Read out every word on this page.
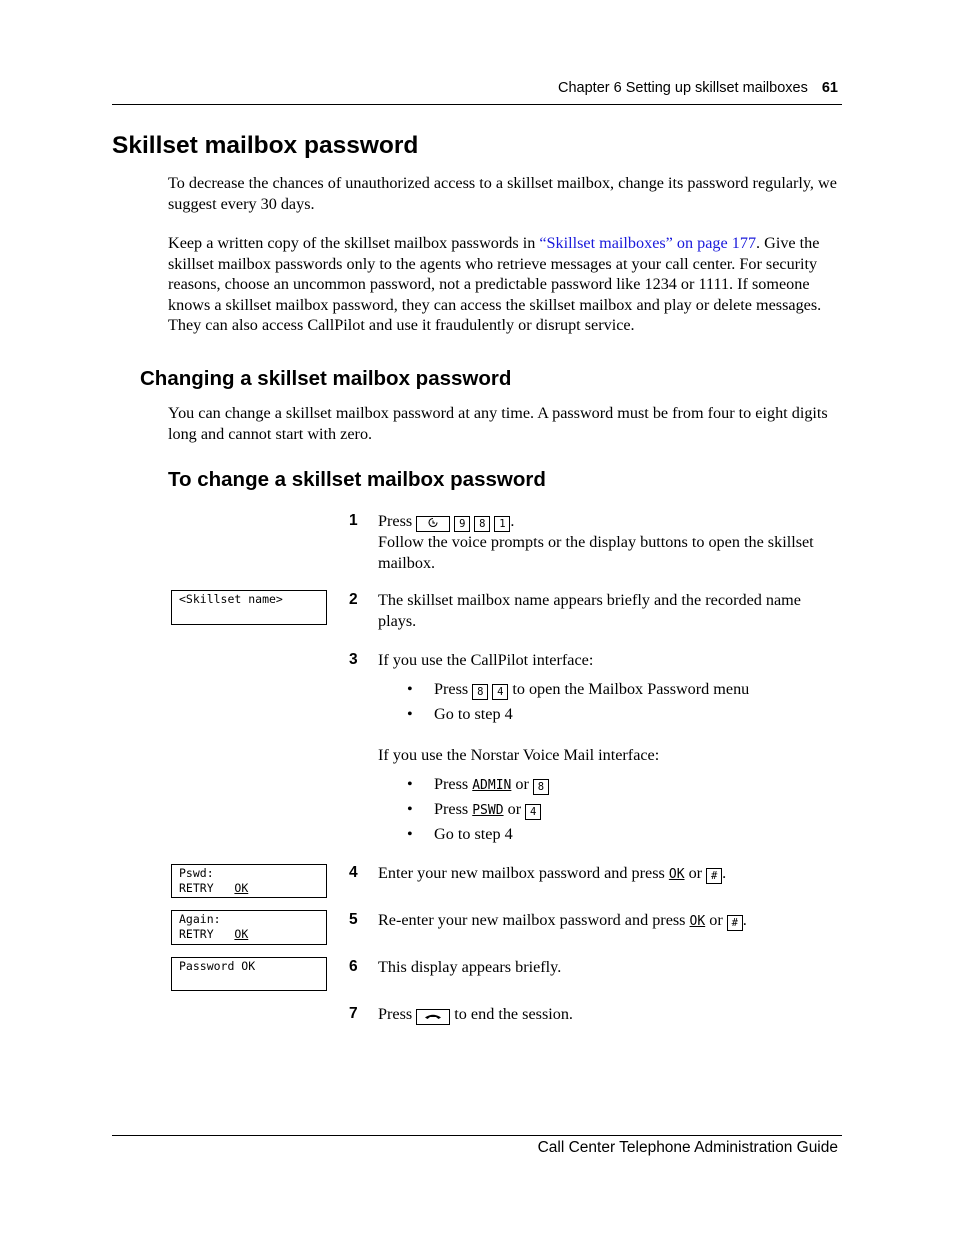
Chapter 6 Setting up skillset mailboxes 61
Skillset mailbox password
To decrease the chances of unauthorized access to a skillset mailbox, change its password regularly, we suggest every 30 days.
Keep a written copy of the skillset mailbox passwords in “Skillset mailboxes” on page 177. Give the skillset mailbox passwords only to the agents who retrieve messages at your call center. For security reasons, choose an uncommon password, not a predictable password like 1234 or 1111. If someone knows a skillset mailbox password, they can access the skillset mailbox and play or delete messages. They can also access CallPilot and use it fraudulently or disrupt service.
Changing a skillset mailbox password
You can change a skillset mailbox password at any time. A password must be from four to eight digits long and cannot start with zero.
To change a skillset mailbox password
1 Press	9 8 1 .
Follow the voice prompts or the display buttons to open the skillset mailbox.
<Skillset name>	2 The skillset mailbox name appears briefly and the recorded name plays.
3 If you use the CallPilot interface:
• Press 8 4 to open the Mailbox Password menu
• Go to step 4
If you use the Norstar Voice Mail interface:
• Press ADMIN or 8
• Press PSWD or 4
• Go to step 4
Pswd:
RETRY OK
4 Enter your new mailbox password and press OK or # .
Again:
RETRY OK
5 Re-enter your new mailbox password and press OK or # .
Password OK	6 This display appears briefly.
7 Press	to end the session.
Call Center Telephone Administration Guide
